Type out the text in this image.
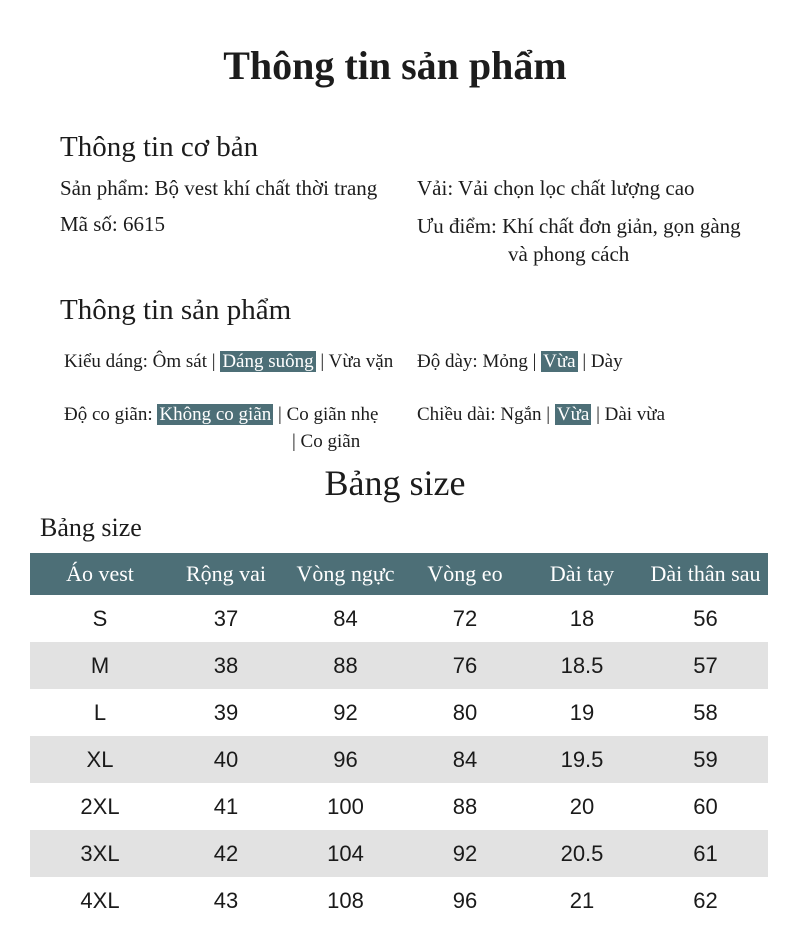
Thông tin sản phẩm
Thông tin cơ bản
Sản phẩm: Bộ vest khí chất thời trang
Mã số: 6615
Vải: Vải chọn lọc chất lượng cao
Ưu điểm: Khí chất đơn giản, gọn gàng
và phong cách
Thông tin sản phẩm
Kiểu dáng: Ôm sát | Dáng suông | Vừa vặn Độ dày: Mỏng | Vừa | Dày
Độ co giãn: Không co giãn | Co giãn nhẹ
| Co giãn
Chiều dài: Ngắn | Vừa | Dài vừa
Bảng size
Bảng size
Áo vest	Rộng vai	Vòng ngực	Vòng eo	Dài tay	Dài thân sau
S	37	84	72	18	56
M	38	88	76	18.5	57
L	39	92	80	19	58
XL	40	96	84	19.5	59
2XL	41	100	88	20	60
3XL	42	104	92	20.5	61
4XL	43	108	96	21	62
